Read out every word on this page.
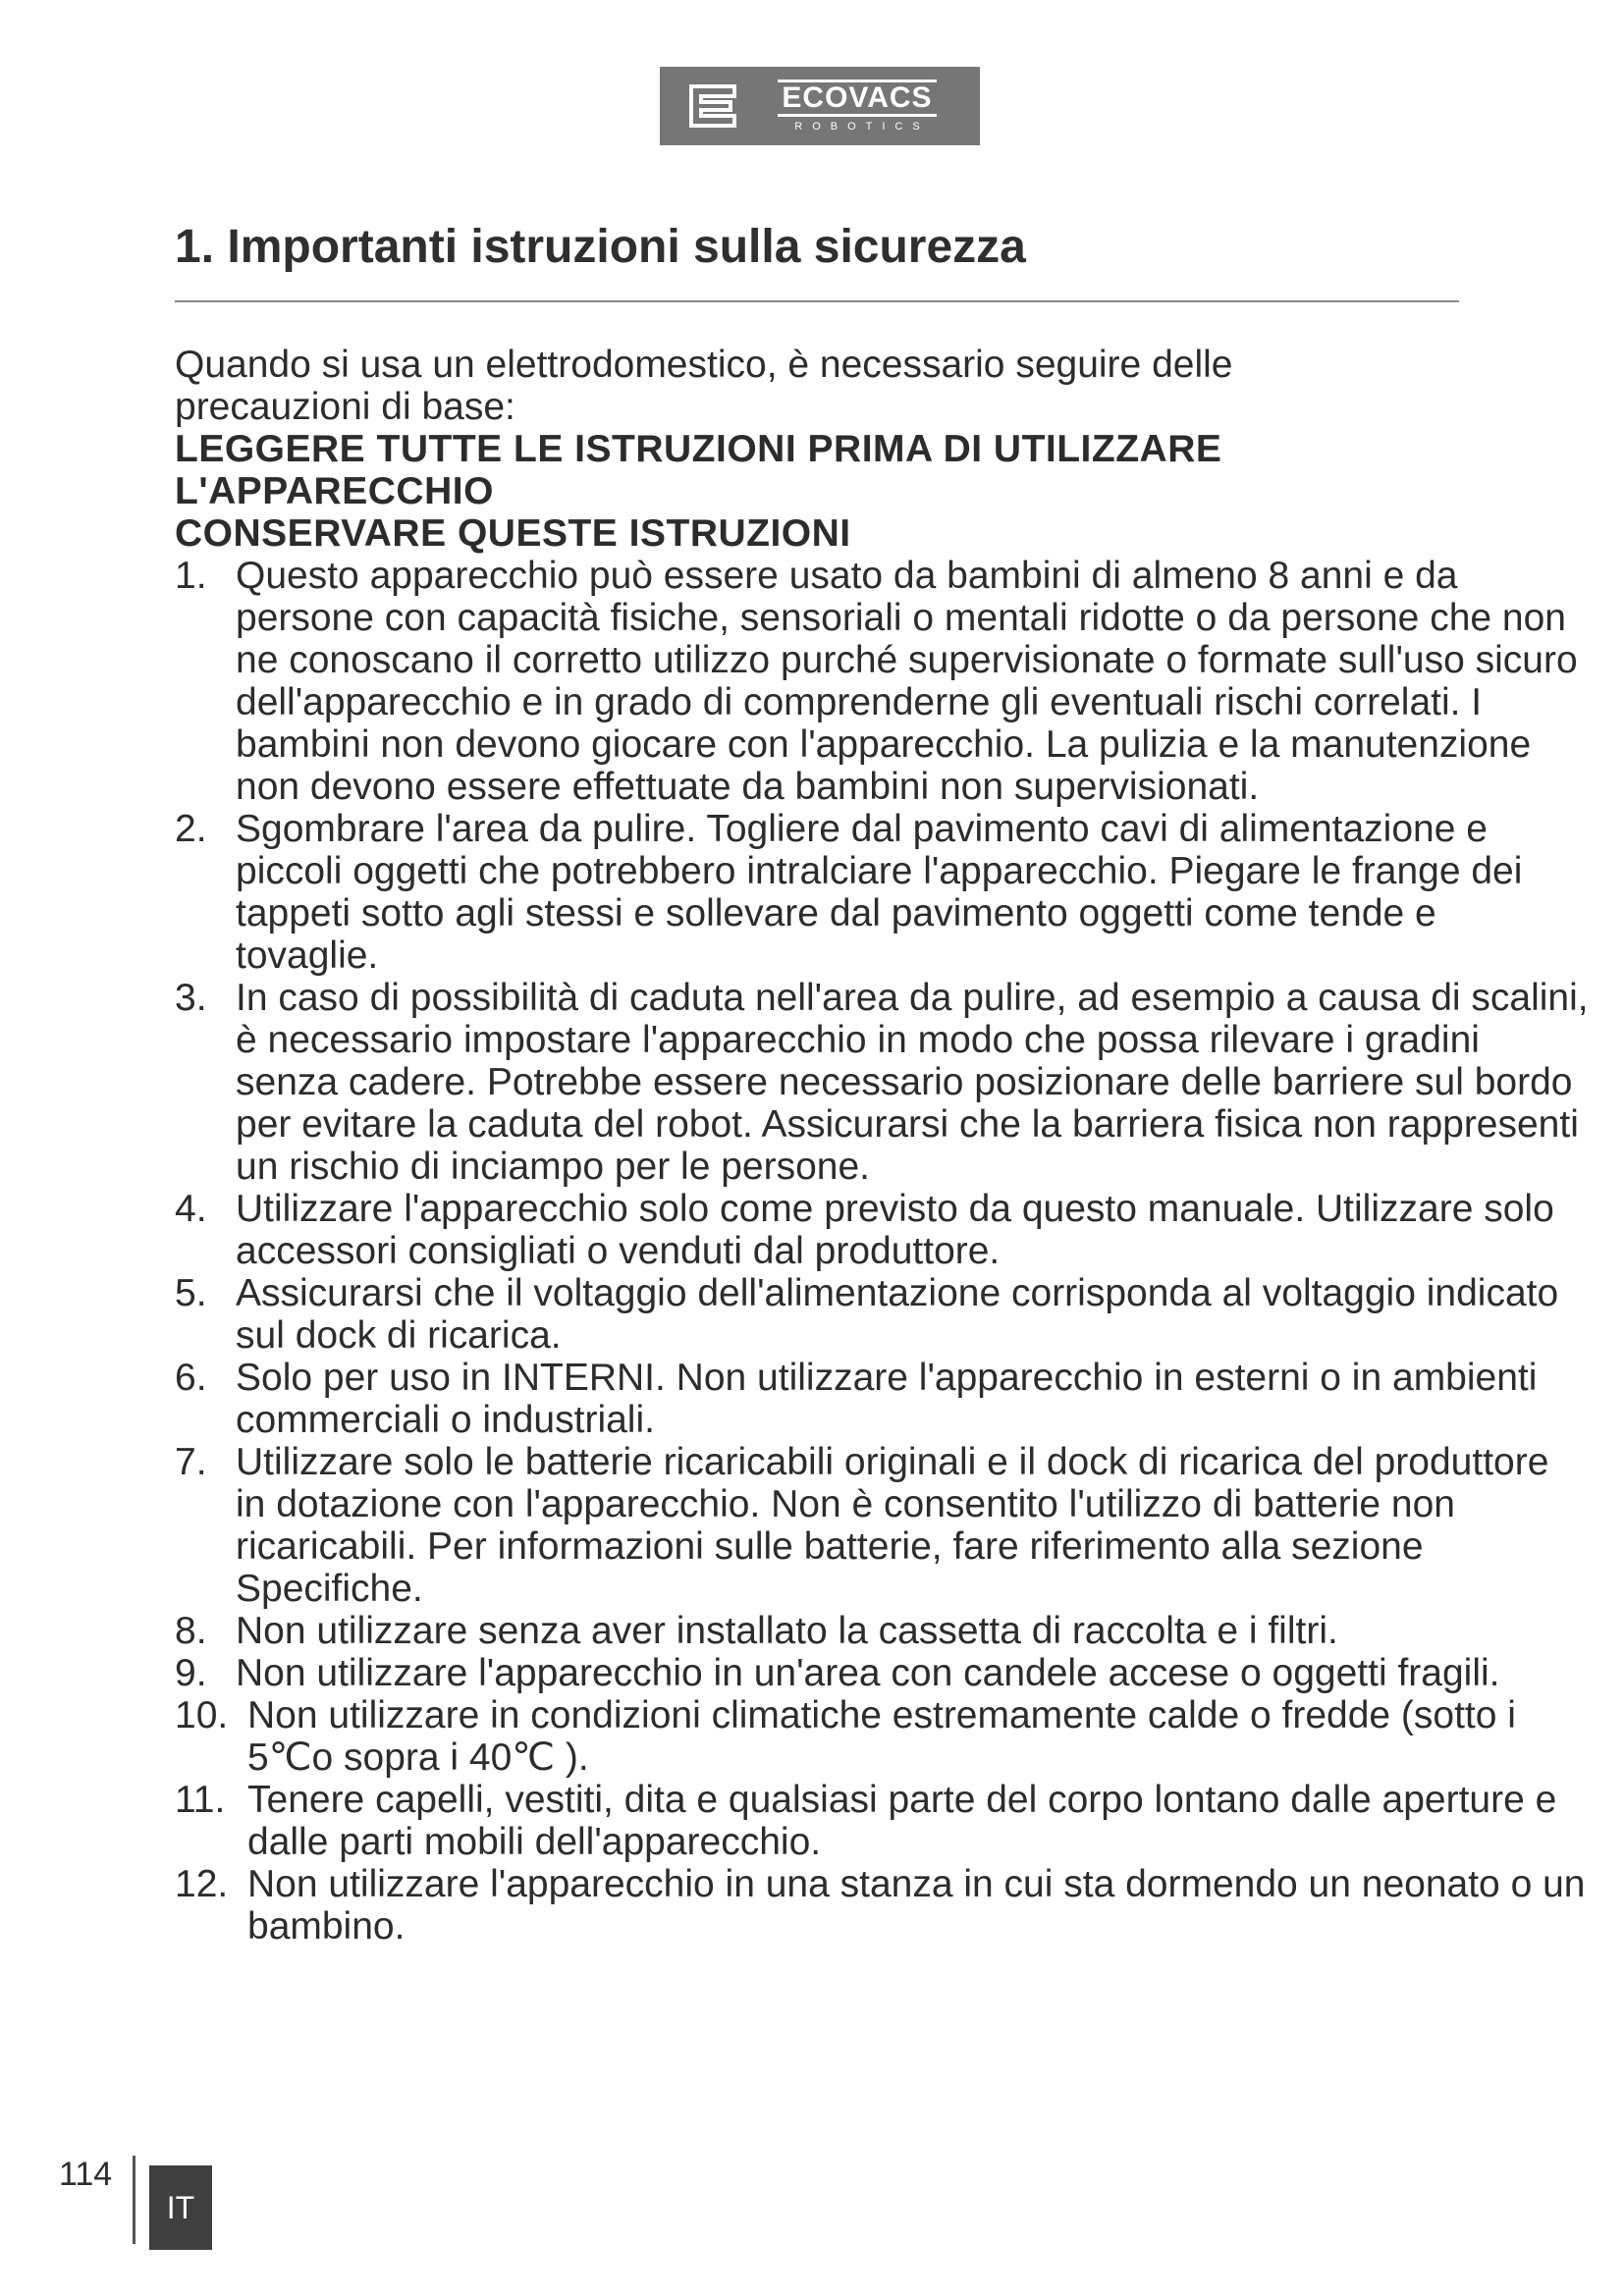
ECOVACS
ROBOTICS
1. Importanti istruzioni sulla sicurezza

Quando si usa un elettrodomestico, è necessario seguire delle precauzioni di base:

LEGGERE TUTTE LE ISTRUZIONI PRIMA DI UTILIZZARE L'APPARECCHIO

CONSERVARE QUESTE ISTRUZIONI

1. Questo apparecchio può essere usato da bambini di almeno 8 anni e da persone con capacità fisiche, sensoriali o mentali ridotte o da persone che non ne conoscano il corretto utilizzo purché supervisionate o formate sull'uso sicuro dell'apparecchio e in grado di comprenderne gli eventuali rischi correlati. I bambini non devono giocare con l'apparecchio. La pulizia e la manutenzione non devono essere effettuate da bambini non supervisionati.
2. Sgombrare l'area da pulire. Togliere dal pavimento cavi di alimentazione e piccoli oggetti che potrebbero intralciare l'apparecchio. Piegare le frange dei tappeti sotto agli stessi e sollevare dal pavimento oggetti come tende e tovaglie.
3. In caso di possibilità di caduta nell'area da pulire, ad esempio a causa di scalini, è necessario impostare l'apparecchio in modo che possa rilevare i gradini senza cadere. Potrebbe essere necessario posizionare delle barriere sul bordo per evitare la caduta del robot. Assicurarsi che la barriera fisica non rappresenti un rischio di inciampo per le persone.
4. Utilizzare l'apparecchio solo come previsto da questo manuale. Utilizzare solo accessori consigliati o venduti dal produttore.
5. Assicurarsi che il voltaggio dell'alimentazione corrisponda al voltaggio indicato sul dock di ricarica.
6. Solo per uso in INTERNI. Non utilizzare l'apparecchio in esterni o in ambienti commerciali o industriali.
7. Utilizzare solo le batterie ricaricabili originali e il dock di ricarica del produttore in dotazione con l'apparecchio. Non è consentito l'utilizzo di batterie non ricaricabili. Per informazioni sulle batterie, fare riferimento alla sezione Specifiche.
8. Non utilizzare senza aver installato la cassetta di raccolta e i filtri.
9. Non utilizzare l'apparecchio in un'area con candele accese o oggetti fragili.
10. Non utilizzare in condizioni climatiche estremamente calde o fredde (sotto i 5℃o sopra i 40℃ ).
11. Tenere capelli, vestiti, dita e qualsiasi parte del corpo lontano dalle aperture e dalle parti mobili dell'apparecchio.
12. Non utilizzare l'apparecchio in una stanza in cui sta dormendo un neonato o un bambino.
114
IT
